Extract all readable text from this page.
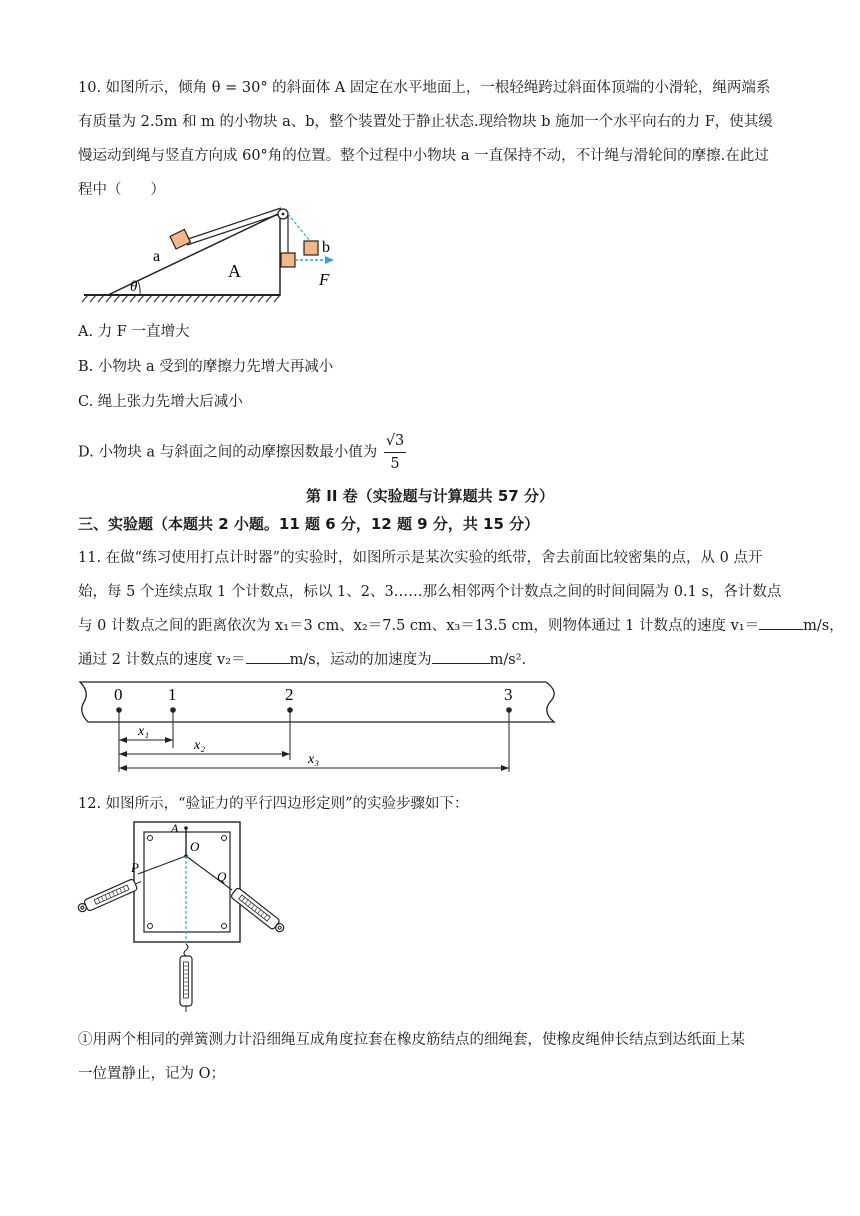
10. 如图所示，倾角 θ = 30° 的斜面体 A 固定在水平地面上，一根轻绳跨过斜面体顶端的小滑轮，绳两端系
有质量为 2.5m 和 m 的小物块 a、b，整个装置处于静止状态.现给物块 b 施加一个水平向右的力 F，使其缓
慢运动到绳与竖直方向成 60°角的位置。整个过程中小物块 a 一直保持不动，不计绳与滑轮间的摩擦.在此过
程中（　　）
θ
a
A
b
F
A. 力 F 一直增大
B. 小物块 a 受到的摩擦力先增大再减小
C. 绳上张力先增大后减小
D. 小物块 a 与斜面之间的动摩擦因数最小值为 $\frac{√3}{5}$
第 II 卷（实验题与计算题共 57 分）
三、实验题（本题共 2 小题。11 题 6 分，12 题 9 分，共 15 分）
11. 在做“练习使用打点计时器”的实验时，如图所示是某次实验的纸带，舍去前面比较密集的点，从 0 点开
始，每 5 个连续点取 1 个计数点，标以 1、2、3……那么相邻两个计数点之间的时间间隔为 0.1 s，各计数点
与 0 计数点之间的距离依次为 x₁＝3 cm、x₂＝7.5 cm、x₃＝13.5 cm，则物体通过 1 计数点的速度 v₁＝	m/s，
通过 2 计数点的速度 v₂＝	m/s，运动的加速度为	m/s².
0	1	2	3
x₁
x₂
x₃
12. 如图所示，“验证力的平行四边形定则”的实验步骤如下：
A
O
P
Q
①用两个相同的弹簧测力计沿细绳互成角度拉套在橡皮筋结点的细绳套，使橡皮绳伸长结点到达纸面上某
一位置静止，记为 O；
